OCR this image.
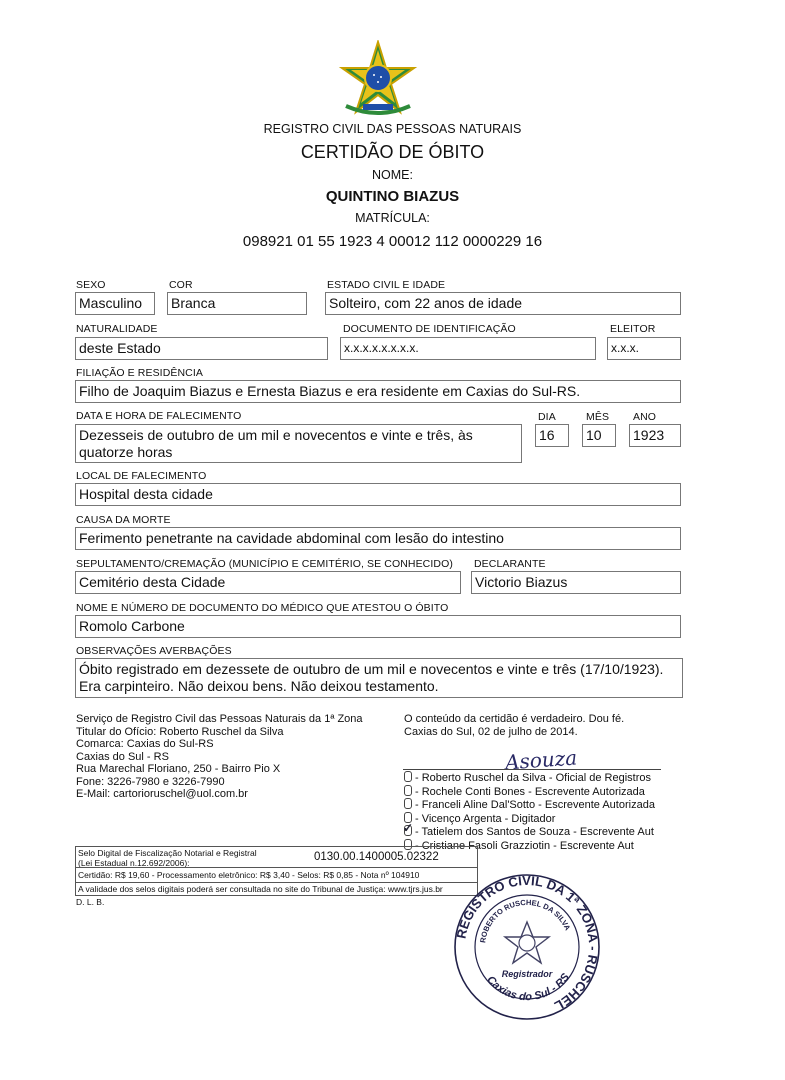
REGISTRO CIVIL DAS PESSOAS NATURAIS
CERTIDÃO DE ÓBITO
NOME:
QUINTINO BIAZUS
MATRÍCULA:
098921 01 55 1923 4 00012 112 0000229 16
SEXO
Masculino
COR
Branca
ESTADO CIVIL E IDADE
Solteiro, com 22 anos de idade
NATURALIDADE
deste Estado
DOCUMENTO DE IDENTIFICAÇÃO
x.x.x.x.x.x.x.x.
ELEITOR
x.x.x.
FILIAÇÃO E RESIDÊNCIA
Filho de Joaquim Biazus e Ernesta Biazus e era residente em Caxias do Sul-RS.
DATA E HORA DE FALECIMENTO
Dezesseis de outubro de um mil e novecentos e vinte e três, às quatorze horas
DIA
16
MÊS
10
ANO
1923
LOCAL DE FALECIMENTO
Hospital desta cidade
CAUSA DA MORTE
Ferimento penetrante na cavidade abdominal com lesão do intestino
SEPULTAMENTO/CREMAÇÃO (MUNICÍPIO E CEMITÉRIO, SE CONHECIDO)
Cemitério desta Cidade
DECLARANTE
Victorio Biazus
NOME E NÚMERO DE DOCUMENTO DO MÉDICO QUE ATESTOU O ÓBITO
Romolo Carbone
OBSERVAÇÕES AVERBAÇÕES
Óbito registrado em dezessete de outubro de um mil e novecentos e vinte e três (17/10/1923).
Era carpinteiro. Não deixou bens. Não deixou testamento.
Serviço de Registro Civil das Pessoas Naturais da 1ª Zona
Titular do Ofício: Roberto Ruschel da Silva
Comarca: Caxias do Sul-RS
Caxias do Sul - RS
Rua Marechal Floriano, 250 - Bairro Pio X
Fone: 3226-7980 e 3226-7990
E-Mail: cartorioruschel@uol.com.br
O conteúdo da certidão é verdadeiro. Dou fé.
Caxias do Sul, 02 de julho de 2014.
Asouza
- Roberto Ruschel da Silva - Oficial de Registros
- Rochele Conti Bones - Escrevente Autorizada
- Franceli Aline Dal'Sotto - Escrevente Autorizada
- Vicenço Argenta - Digitador
✓ - Tatielem dos Santos de Souza - Escrevente Aut
- Cristiane Fasoli Grazziotin - Escrevente Aut
Selo Digital de Fiscalização Notarial e Registral
(Lei Estadual n.12.692/2006):	0130.00.1400005.02322
Certidão: R$ 19,60 - Processamento eletrônico: R$ 3,40 - Selos: R$ 0,85 - Nota nº 104910
A validade dos selos digitais poderá ser consultada no site do Tribunal de Justiça: www.tjrs.jus.br
D. L. B.
REGISTRO CIVIL DA 1ª ZONA - RUSCHEL
ROBERTO RUSCHEL DA SILVA
Registrador
Caxias do Sul - RS
